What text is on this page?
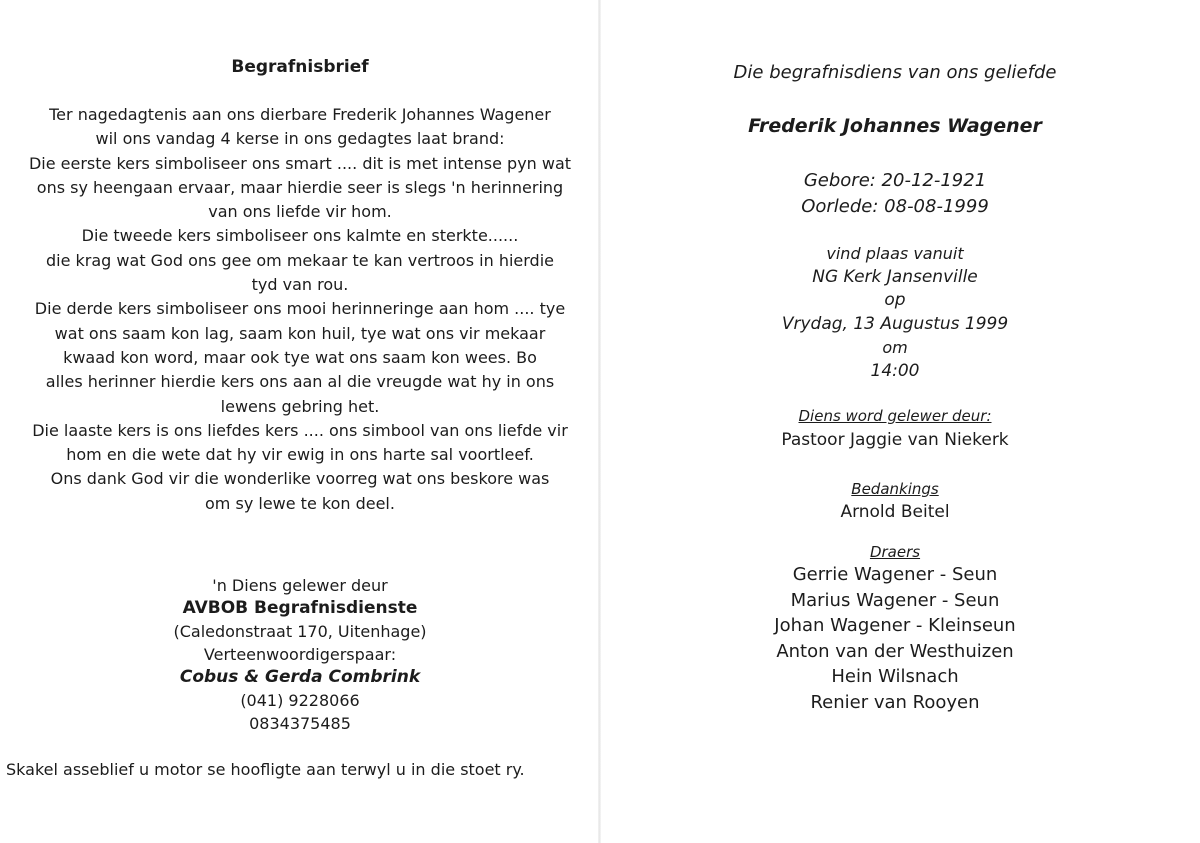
Begrafnisbrief
Ter nagedagtenis aan ons dierbare Frederik Johannes Wagener
wil ons vandag 4 kerse in ons gedagtes laat brand:
Die eerste kers simboliseer ons smart .... dit is met intense pyn wat
ons sy heengaan ervaar, maar hierdie seer is slegs 'n herinnering
van ons liefde vir hom.
Die tweede kers simboliseer ons kalmte en sterkte......
die krag wat God ons gee om mekaar te kan vertroos in hierdie
tyd van rou.
Die derde kers simboliseer ons mooi herinneringe aan hom .... tye
wat ons saam kon lag, saam kon huil, tye wat ons vir mekaar
kwaad kon word, maar ook tye wat ons saam kon wees. Bo
alles herinner hierdie kers ons aan al die vreugde wat hy in ons
lewens gebring het.
Die laaste kers is ons liefdes kers .... ons simbool van ons liefde vir
hom en die wete dat hy vir ewig in ons harte sal voortleef.
Ons dank God vir die wonderlike voorreg wat ons beskore was
om sy lewe te kon deel.
'n Diens gelewer deur
AVBOB Begrafnisdienste
(Caledonstraat 170, Uitenhage)
Verteenwoordigerspaar:
Cobus & Gerda Combrink
(041) 9228066
0834375485
Skakel asseblief u motor se hoofligte aan terwyl u in die stoet ry.
Die begrafnisdiens van ons geliefde
Frederik Johannes Wagener
Gebore: 20-12-1921
Oorlede: 08-08-1999
vind plaas vanuit
NG Kerk Jansenville
op
Vrydag, 13 Augustus 1999
om
14:00
Diens word gelewer deur:
Pastoor Jaggie van Niekerk
Bedankings
Arnold Beitel
Draers
Gerrie Wagener - Seun
Marius Wagener - Seun
Johan Wagener - Kleinseun
Anton van der Westhuizen
Hein Wilsnach
Renier van Rooyen
